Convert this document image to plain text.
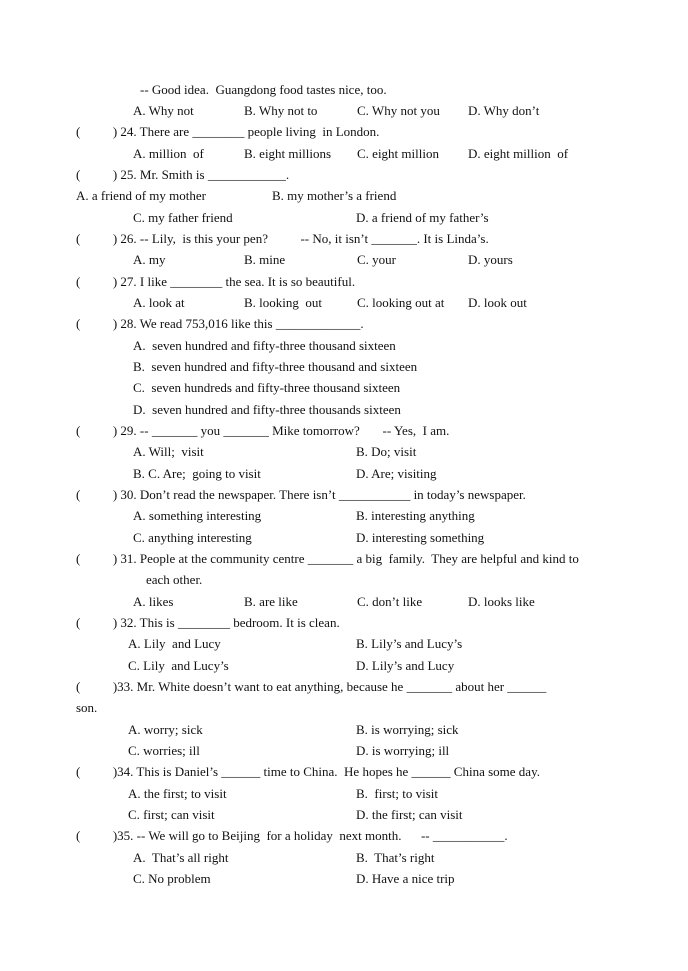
-- Good idea.  Guangdong food tastes nice, too.
A. Why not	B. Why not to	C. Why not you D. Why don’t
(          ) 24. There are ________ people living  in London.
A. million  of	B. eight millions C. eight million D. eight million  of
(          ) 25. Mr. Smith is ____________.
A. a friend of my mother	B. my mother’s a friend
C. my father friend	D. a friend of my father’s
(          ) 26. -- Lily,  is this your pen?          -- No, it isn’t _______. It is Linda’s.
A. my	B. mine	C. your	D. yours
(          ) 27. I like ________ the sea. It is so beautiful.
A. look at	B. looking  out	C. looking out at D. look out
(          ) 28. We read 753,016 like this _____________.
A.  seven hundred and fifty-three thousand sixteen
B.  seven hundred and fifty-three thousand and sixteen
C.  seven hundreds and fifty-three thousand sixteen
D.  seven hundred and fifty-three thousands sixteen
(          ) 29. -- _______ you _______ Mike tomorrow?       -- Yes,  I am.
A. Will;  visit	B. Do; visit
B. C. Are;  going to visit	D. Are; visiting
(          ) 30. Don’t read the newspaper. There isn’t ___________ in today’s newspaper.
A. something interesting	B. interesting anything
C. anything interesting	D. interesting something
(          ) 31. People at the community centre _______ a big  family.  They are helpful and kind to
each other.
A. likes	B. are like	C. don’t like	D. looks like
(          ) 32. This is ________ bedroom. It is clean.
A. Lily  and Lucy	B. Lily’s and Lucy’s
C. Lily  and Lucy’s	D. Lily’s and Lucy
(          )33. Mr. White doesn’t want to eat anything, because he _______ about her ______
son.
A. worry; sick	B. is worrying; sick
C. worries; ill	D. is worrying; ill
(          )34. This is Daniel’s ______ time to China.  He hopes he ______ China some day.
A. the first; to visit	B.  first; to visit
C. first; can visit	D. the first; can visit
(          )35. -- We will go to Beijing  for a holiday  next month.      -- ___________.
A.  That’s all right	B.  That’s right
C. No problem	D. Have a nice trip
